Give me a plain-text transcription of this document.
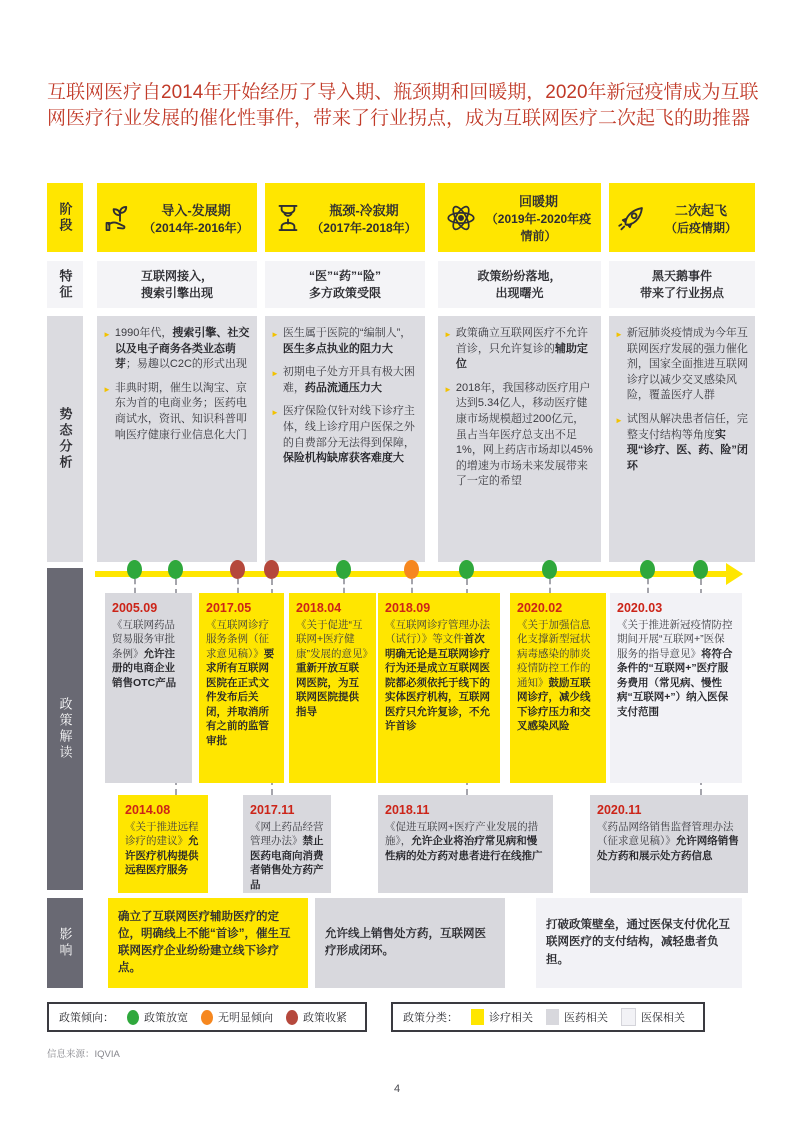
互联网医疗自2014年开始经历了导入期、瓶颈期和回暖期，2020年新冠疫情成为互联网医疗行业发展的催化性事件，带来了行业拐点，成为互联网医疗二次起飞的助推器
阶段	导入-发展期
（2014年-2016年）
瓶颈-冷寂期
（2017年-2018年）
回暖期
（2019年-2020年疫情前）
二次起飞
（后疫情期）
特征	互联网接入，
搜索引擎出现
“医”“药”“险”
多方政策受限
政策纷纷落地，
出现曙光
黑天鹅事件
带来了行业拐点
势态分析
► 1990年代，搜索引擎、社交以及电子商务各类业态萌芽；易趣以C2C的形式出现
► 非典时期，催生以淘宝、京东为首的电商业务；医药电商试水，资讯、知识科普叩响医疗健康行业信息化大门
► 医生属于医院的“编制人”，医生多点执业的阻力大
► 初期电子处方开具有极大困难，药品流通压力大
► 医疗保险仅针对线下诊疗主体，线上诊疗用户医保之外的自费部分无法得到保障，保险机构缺席获客难度大
► 政策确立互联网医疗不允许首诊，只允许复诊的辅助定位
► 2018年，我国移动医疗用户达到5.34亿人，移动医疗健康市场规模超过200亿元，虽占当年医疗总支出不足1%，网上药店市场却以45%的增速为市场未来发展带来了一定的希望
► 新冠肺炎疫情成为今年互联网医疗发展的强力催化剂，国家全面推进互联网诊疗以减少交叉感染风险，覆盖医疗人群
► 试图从解决患者信任，完整支付结构等角度实现“诊疗、医、药、险”闭环
政策解读
2005.09
《互联网药品贸易服务审批条例》允许注册的电商企业销售OTC产品
2017.05
《互联网诊疗服务条例（征求意见稿）》要求所有互联网医院在正式文件发布后关闭，并取消所有之前的监管审批
2018.04
《关于促进“互联网+医疗健康”发展的意见》重新开放互联网医院，为互联网医院提供指导
2018.09
《互联网诊疗管理办法（试行）》等文件首次明确无论是互联网诊疗行为还是成立互联网医院都必须依托于线下的实体医疗机构，互联网医疗只允许复诊，不允许首诊
2020.02
《关于加强信息化支撑新型冠状病毒感染的肺炎疫情防控工作的通知》鼓励互联网诊疗，减少线下诊疗压力和交叉感染风险
2020.03
《关于推进新冠疫情防控期间开展“互联网+”医保服务的指导意见》将符合条件的“互联网+”医疗服务费用（常见病、慢性病“互联网+”）纳入医保支付范围
2014.08
《关于推进远程诊疗的建议》允许医疗机构提供远程医疗服务
2017.11
《网上药品经营管理办法》禁止医药电商向消费者销售处方药产品
2018.11
《促进互联网+医疗产业发展的措施》，允许企业将治疗常见病和慢性病的处方药对患者进行在线推广
2020.11
《药品网络销售监督管理办法（征求意见稿）》允许网络销售处方药和展示处方药信息
影响
确立了互联网医疗辅助医疗的定位，明确线上不能“首诊”，催生互联网医疗企业纷纷建立线下诊疗点。
允许线上销售处方药，互联网医疗形成闭环。
打破政策壁垒，通过医保支付优化互联网医疗的支付结构，减轻患者负担。
政策倾向：	政策放宽	无明显倾向	政策收紧	政策分类：	诊疗相关	医药相关	医保相关
信息来源：IQVIA
4
